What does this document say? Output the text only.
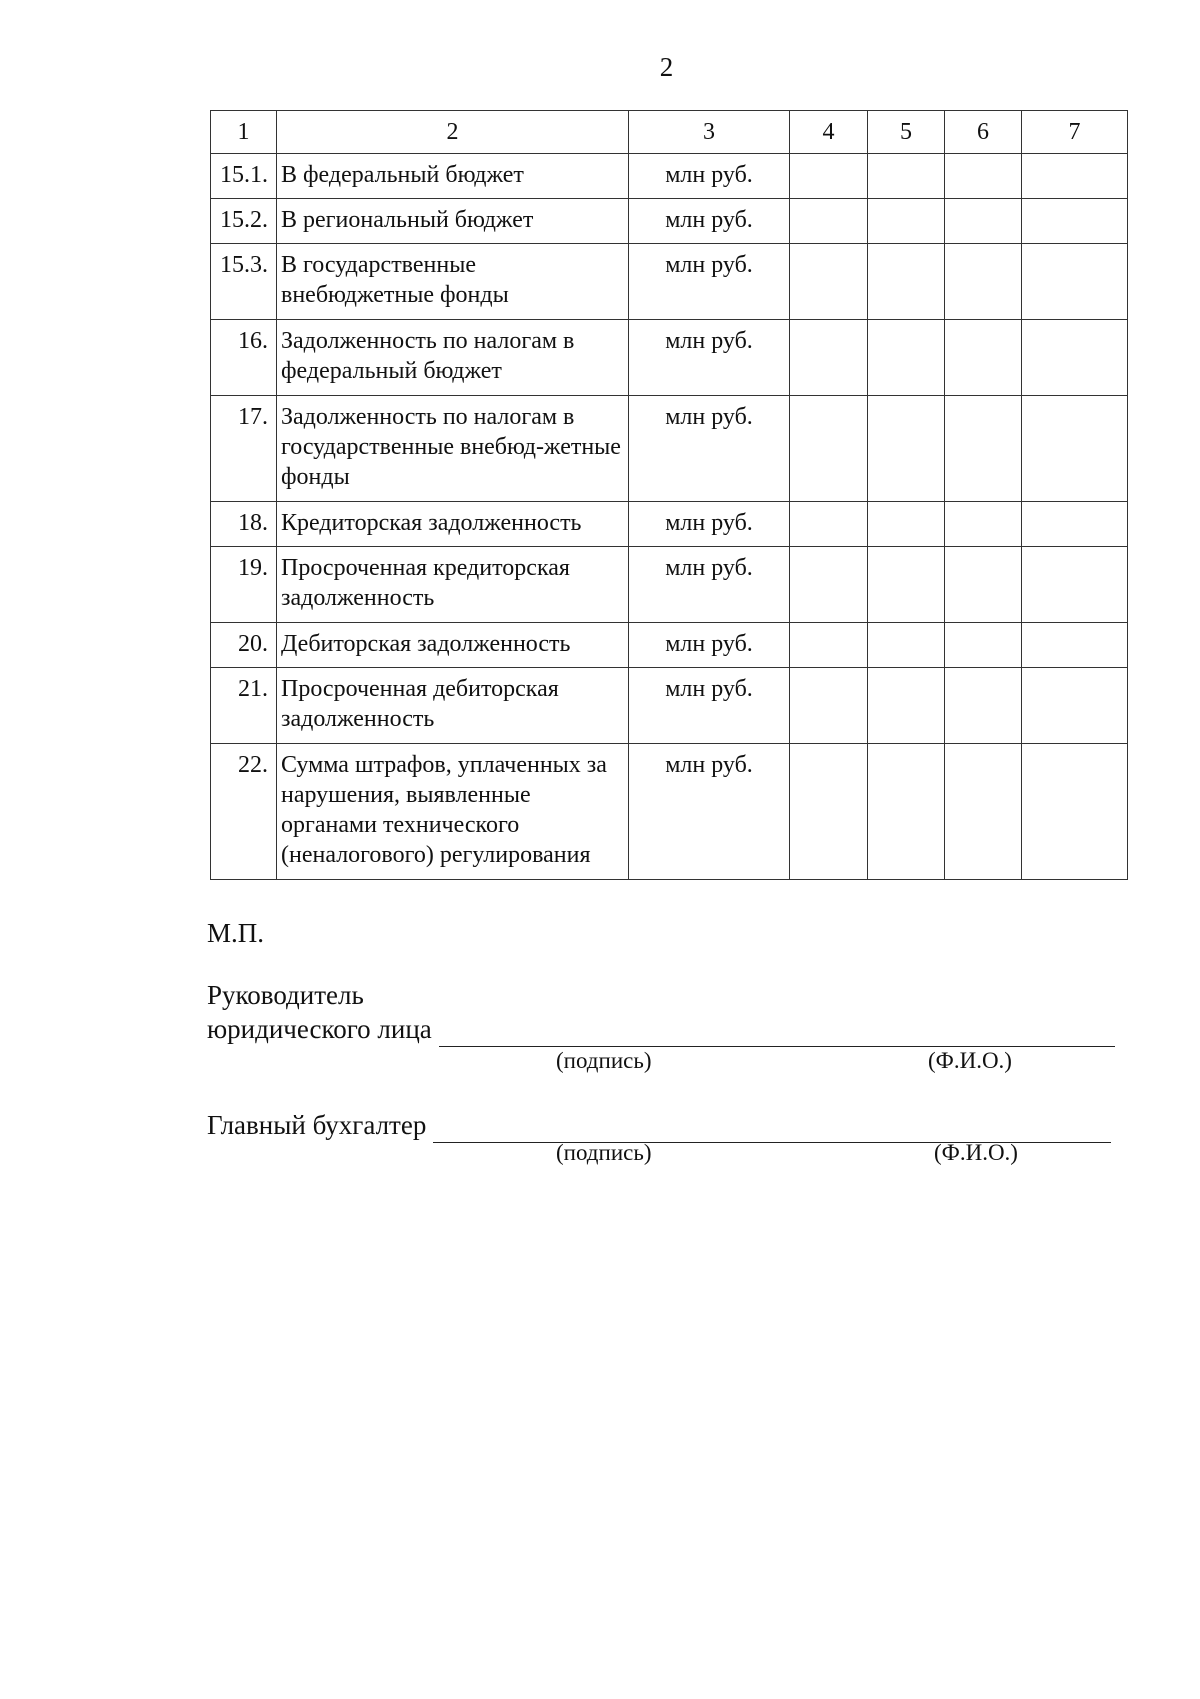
2
1	2	3	4	5	6	7
15.1.	В федеральный бюджет	млн руб.				
15.2.	В региональный бюджет	млн руб.				
15.3.	В государственные внебюджетные фонды	млн руб.				
16.	Задолженность по налогам в федеральный бюджет	млн руб.				
17.	Задолженность по налогам в государственные внебюд-жетные фонды	млн руб.				
18.	Кредиторская задолженность	млн руб.				
19.	Просроченная кредиторская задолженность	млн руб.				
20.	Дебиторская задолженность	млн руб.				
21.	Просроченная дебиторская задолженность	млн руб.				
22.	Сумма штрафов, уплаченных за нарушения, выявленные органами технического (неналогового) регулирования	млн руб.				
М.П.
Руководитель
юридического лица
(подпись)	(Ф.И.О.)
Главный бухгалтер
(подпись)	(Ф.И.О.)
